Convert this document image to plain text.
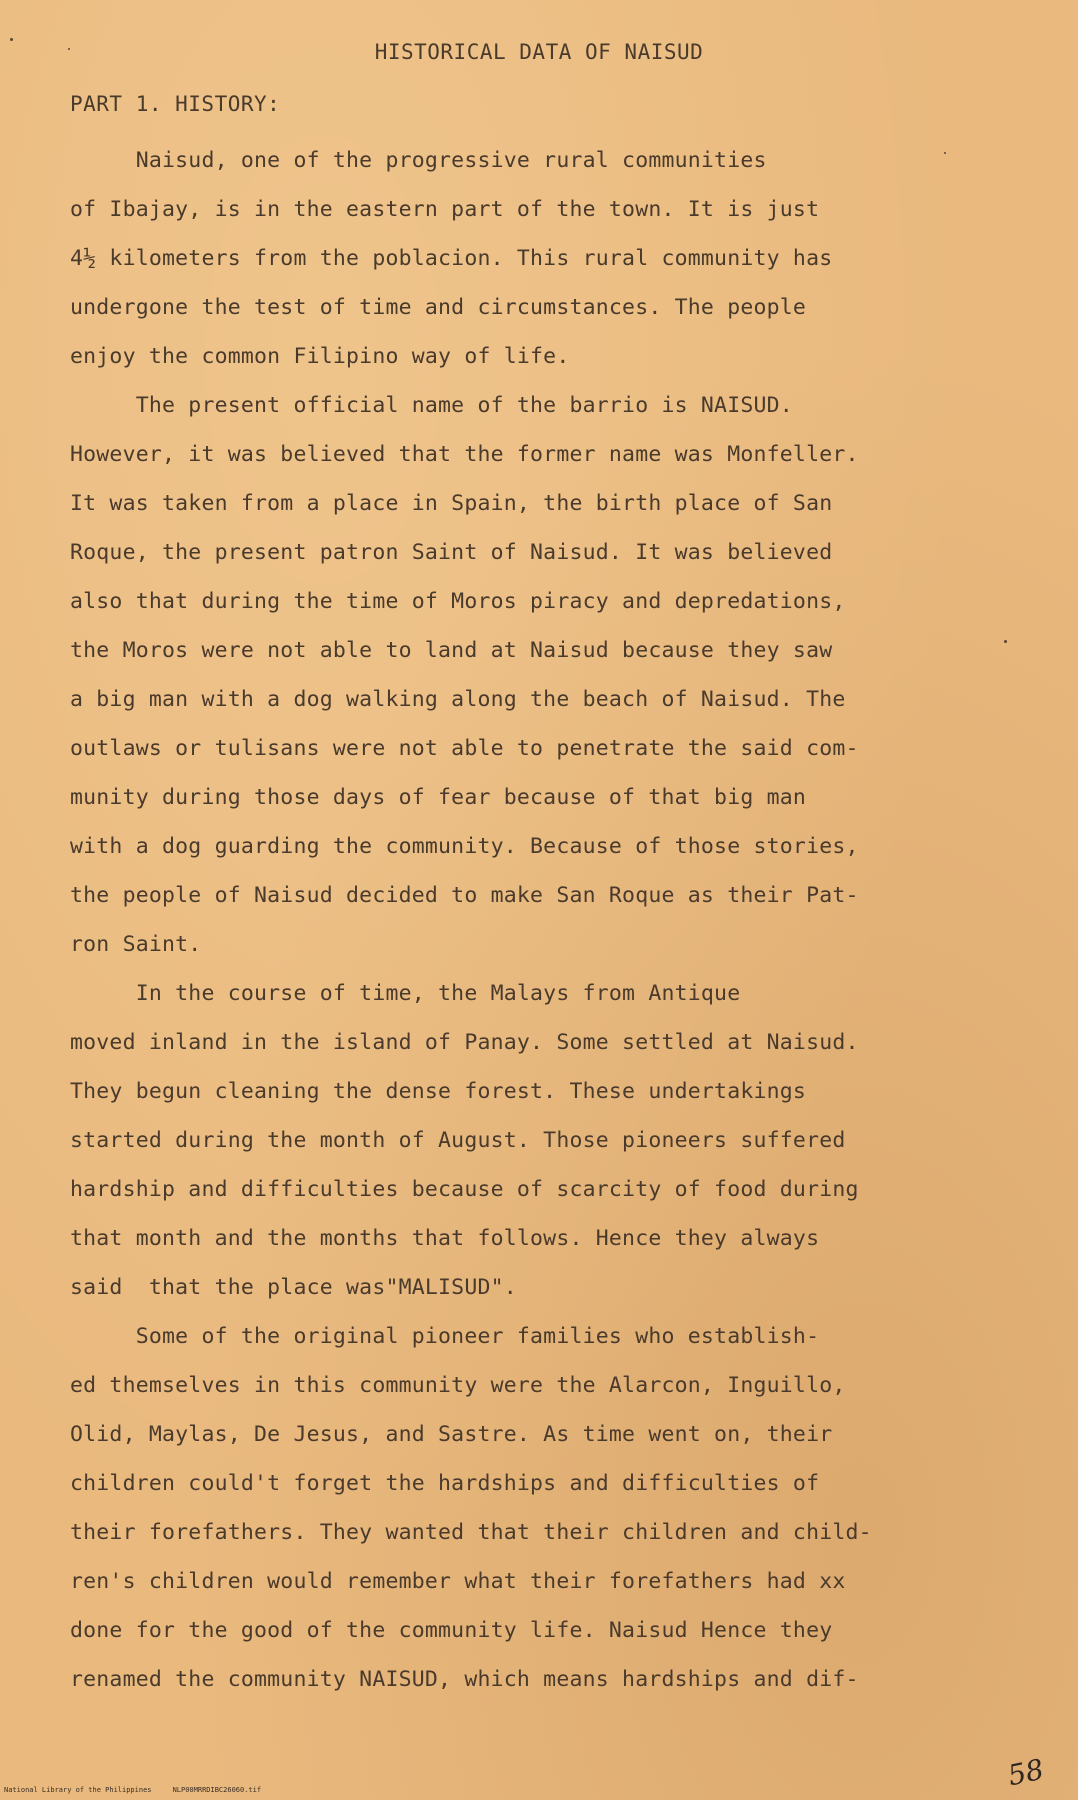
HISTORICAL DATA OF NAISUD
PART 1. HISTORY:
Naisud, one of the progressive rural communities
of Ibajay, is in the eastern part of the town. It is just
4½ kilometers from the poblacion. This rural community has
undergone the test of time and circumstances. The people
enjoy the common Filipino way of life.
The present official name of the barrio is NAISUD.
However, it was believed that the former name was Monfeller.
It was taken from a place in Spain, the birth place of San
Roque, the present patron Saint of Naisud. It was believed
also that during the time of Moros piracy and depredations,
the Moros were not able to land at Naisud because they saw
a big man with a dog walking along the beach of Naisud. The
outlaws or tulisans were not able to penetrate the said com-
munity during those days of fear because of that big man
with a dog guarding the community. Because of those stories,
the people of Naisud decided to make San Roque as their Pat-
ron Saint.
In the course of time, the Malays from Antique
moved inland in the island of Panay. Some settled at Naisud.
They begun cleaning the dense forest. These undertakings
started during the month of August. Those pioneers suffered
hardship and difficulties because of scarcity of food during
that month and the months that follows. Hence they always
said  that the place was"MALISUD".
Some of the original pioneer families who establish-
ed themselves in this community were the Alarcon, Inguillo,
Olid, Maylas, De Jesus, and Sastre. As time went on, their
children could't forget the hardships and difficulties of
their forefathers. They wanted that their children and child-
ren's children would remember what their forefathers had xx
done for the good of the community life. Naisud Hence they
renamed the community NAISUD, which means hardships and dif-
58
National Library of the Philippines     NLP00MRRDIBC26060.tif
